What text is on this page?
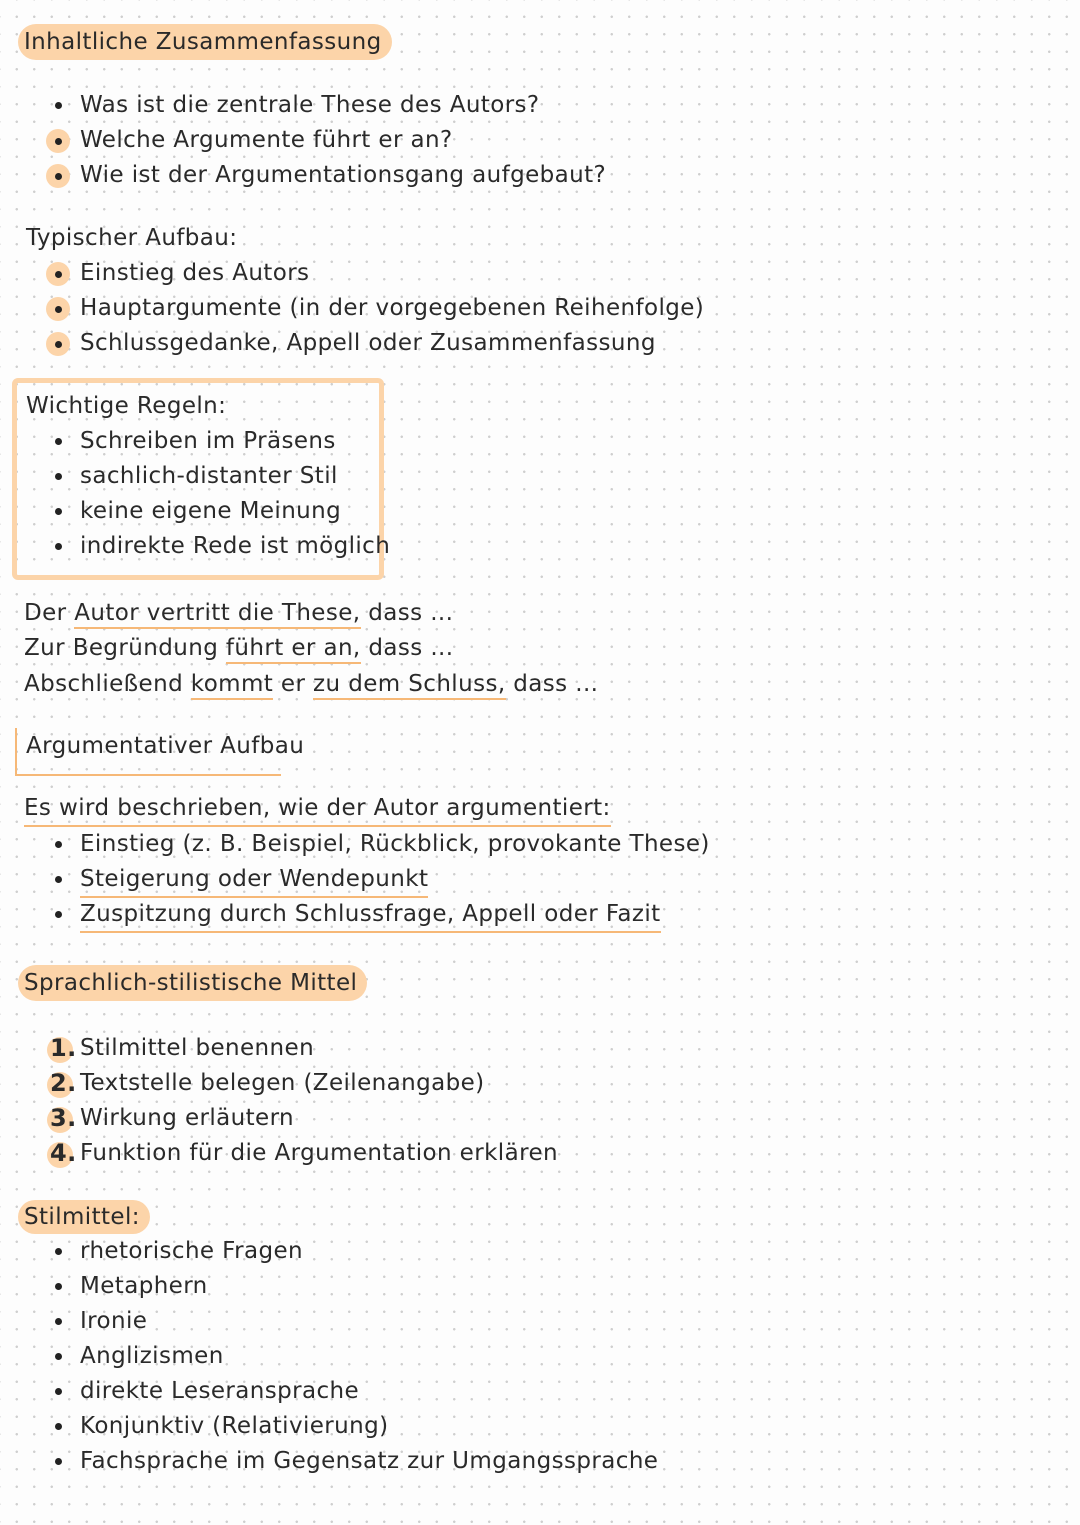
Inhaltliche Zusammenfassung
Was ist die zentrale These des Autors?
Welche Argumente führt er an?
Wie ist der Argumentationsgang aufgebaut?
Typischer Aufbau:
Einstieg des Autors
Hauptargumente (in der vorgegebenen Reihenfolge)
Schlussgedanke, Appell oder Zusammenfassung
Wichtige Regeln:
Schreiben im Präsens
sachlich-distanter Stil
keine eigene Meinung
indirekte Rede ist möglich
Der Autor vertritt die These, dass ...
Zur Begründung führt er an, dass ...
Abschließend kommt er zu dem Schluss, dass ...
Argumentativer Aufbau
Es wird beschrieben, wie der Autor argumentiert:
Einstieg (z. B. Beispiel, Rückblick, provokante These)
Steigerung oder Wendepunkt
Zuspitzung durch Schlussfrage, Appell oder Fazit
Sprachlich-stilistische Mittel
1. Stilmittel benennen
2. Textstelle belegen (Zeilenangabe)
3. Wirkung erläutern
4. Funktion für die Argumentation erklären
Stilmittel:
rhetorische Fragen
Metaphern
Ironie
Anglizismen
direkte Leseransprache
Konjunktiv (Relativierung)
Fachsprache im Gegensatz zur Umgangssprache
